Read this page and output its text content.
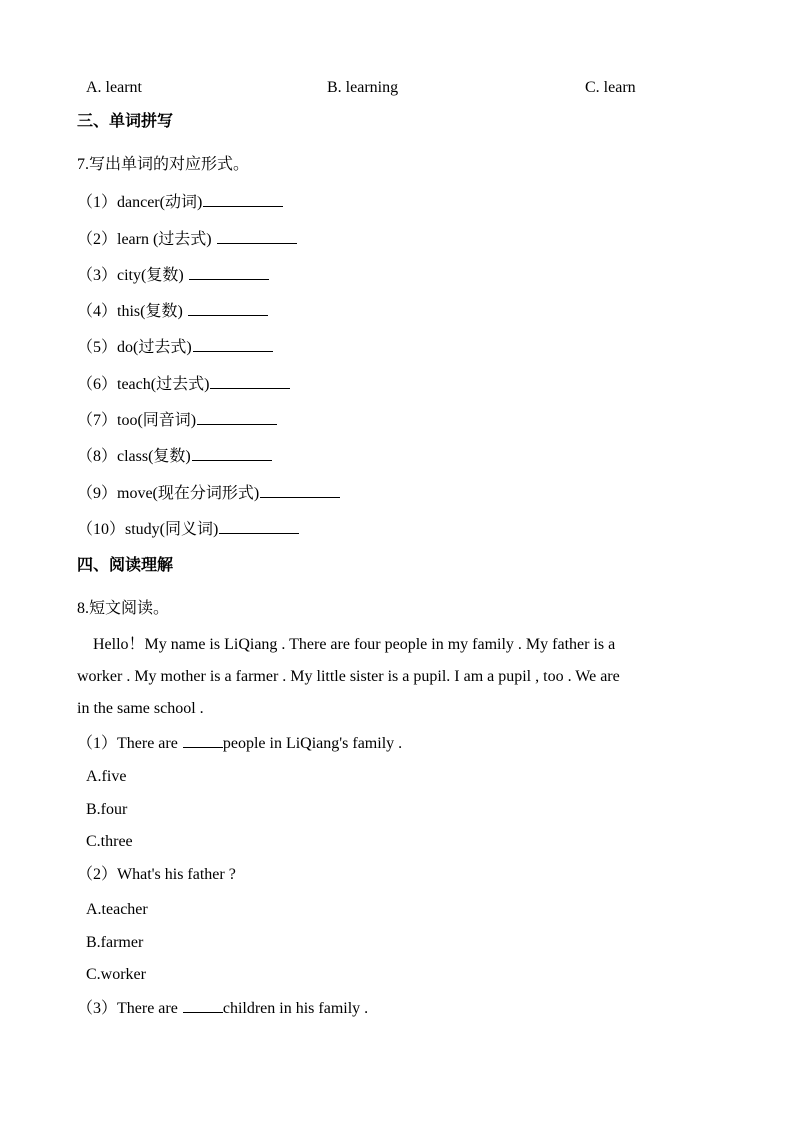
A. learnt	B. learning	C. learn
三、单词拼写
7.写出单词的对应形式。
（1）dancer(动词)
（2）learn (过去式)
（3）city(复数)
（4）this(复数)
（5）do(过去式)
（6）teach(过去式)
（7）too(同音词)
（8）class(复数)
（9）move(现在分词形式)
（10）study(同义词)
四、阅读理解
8.短文阅读。
Hello！My name is LiQiang . There are four people in my family . My father is a
worker . My mother is a farmer . My little sister is a pupil. I am a pupil , too . We are
in the same school .
（1）There are	people in LiQiang's family .
A.five
B.four
C.three
（2）What's his father ?
A.teacher
B.farmer
C.worker
（3）There are	children in his family .
